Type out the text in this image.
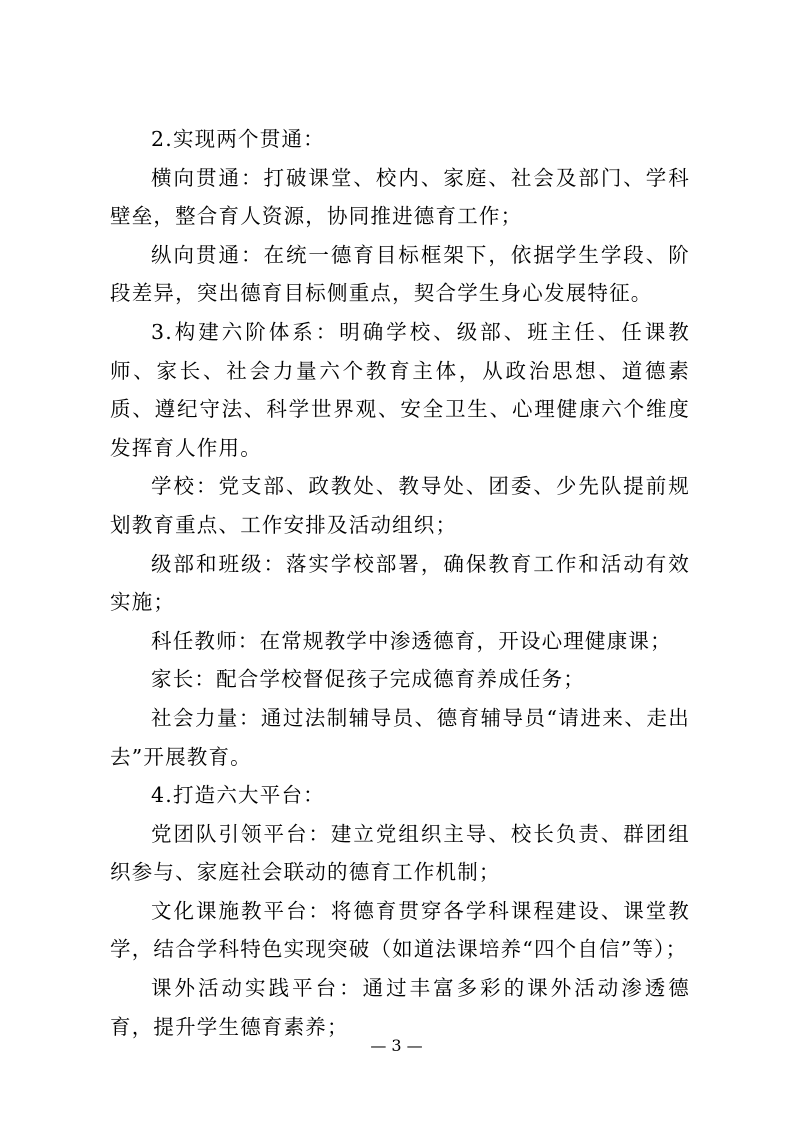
2.实现两个贯通：

横向贯通：打破课堂、校内、家庭、社会及部门、学科壁垒，整合育人资源，协同推进德育工作；

纵向贯通：在统一德育目标框架下，依据学生学段、阶段差异，突出德育目标侧重点，契合学生身心发展特征。

3.构建六阶体系：明确学校、级部、班主任、任课教师、家长、社会力量六个教育主体，从政治思想、道德素质、遵纪守法、科学世界观、安全卫生、心理健康六个维度发挥育人作用。

学校：党支部、政教处、教导处、团委、少先队提前规划教育重点、工作安排及活动组织；

级部和班级：落实学校部署，确保教育工作和活动有效实施；

科任教师：在常规教学中渗透德育，开设心理健康课；

家长：配合学校督促孩子完成德育养成任务；

社会力量：通过法制辅导员、德育辅导员“请进来、走出去”开展教育。

4.打造六大平台：

党团队引领平台：建立党组织主导、校长负责、群团组织参与、家庭社会联动的德育工作机制；

文化课施教平台：将德育贯穿各学科课程建设、课堂教学，结合学科特色实现突破（如道法课培养“四个自信”等）；

课外活动实践平台：通过丰富多彩的课外活动渗透德育，提升学生德育素养；

— 3 —
